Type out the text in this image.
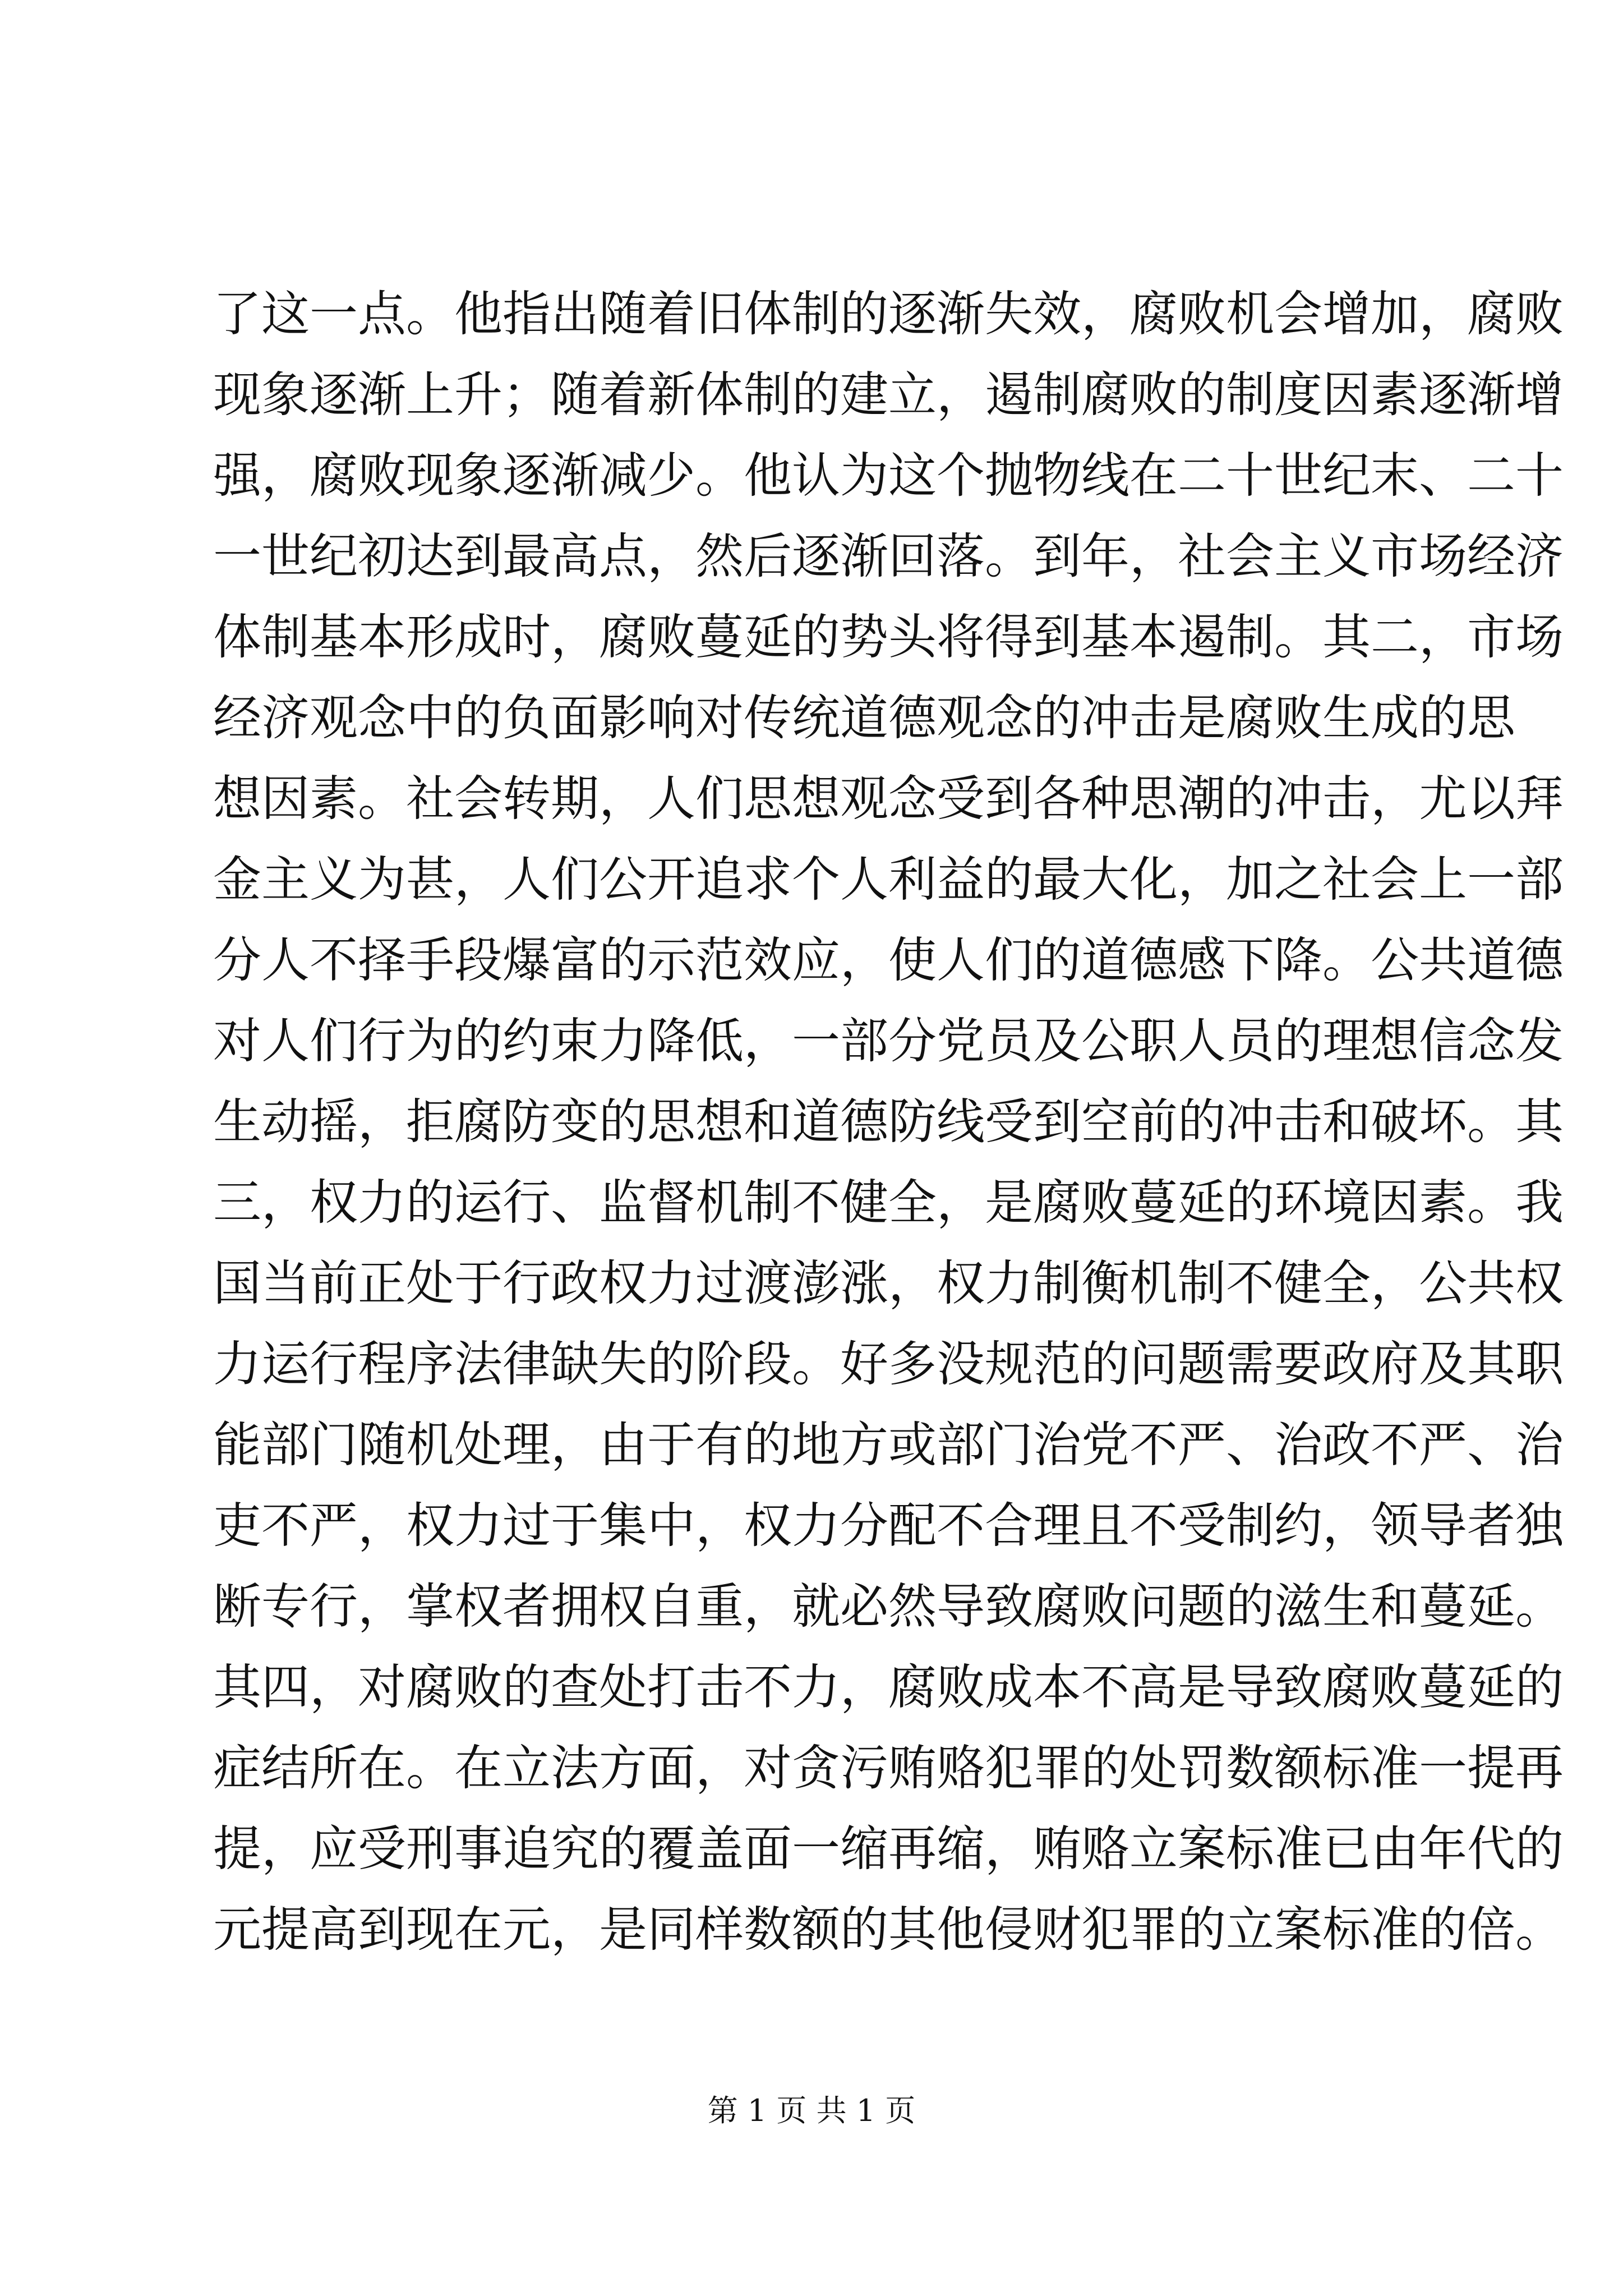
了这一点。他指出随着旧体制的逐渐失效，腐败机会增加，腐败
现象逐渐上升；随着新体制的建立，遏制腐败的制度因素逐渐增
强，腐败现象逐渐减少。他认为这个抛物线在二十世纪末、二十
一世纪初达到最高点，然后逐渐回落。到年，社会主义市场经济
体制基本形成时，腐败蔓延的势头将得到基本遏制。其二，市场
经济观念中的负面影响对传统道德观念的冲击是腐败生成的思
想因素。社会转期，人们思想观念受到各种思潮的冲击，尤以拜
金主义为甚，人们公开追求个人利益的最大化，加之社会上一部
分人不择手段爆富的示范效应，使人们的道德感下降。公共道德
对人们行为的约束力降低，一部分党员及公职人员的理想信念发
生动摇，拒腐防变的思想和道德防线受到空前的冲击和破坏。其
三，权力的运行、监督机制不健全，是腐败蔓延的环境因素。我
国当前正处于行政权力过渡澎涨，权力制衡机制不健全，公共权
力运行程序法律缺失的阶段。好多没规范的问题需要政府及其职
能部门随机处理，由于有的地方或部门治党不严、治政不严、治
吏不严，权力过于集中，权力分配不合理且不受制约，领导者独
断专行，掌权者拥权自重，就必然导致腐败问题的滋生和蔓延。
其四，对腐败的查处打击不力，腐败成本不高是导致腐败蔓延的
症结所在。在立法方面，对贪污贿赂犯罪的处罚数额标准一提再
提，应受刑事追究的覆盖面一缩再缩，贿赂立案标准已由年代的
元提高到现在元，是同样数额的其他侵财犯罪的立案标准的倍。
第 1 页 共 1 页
